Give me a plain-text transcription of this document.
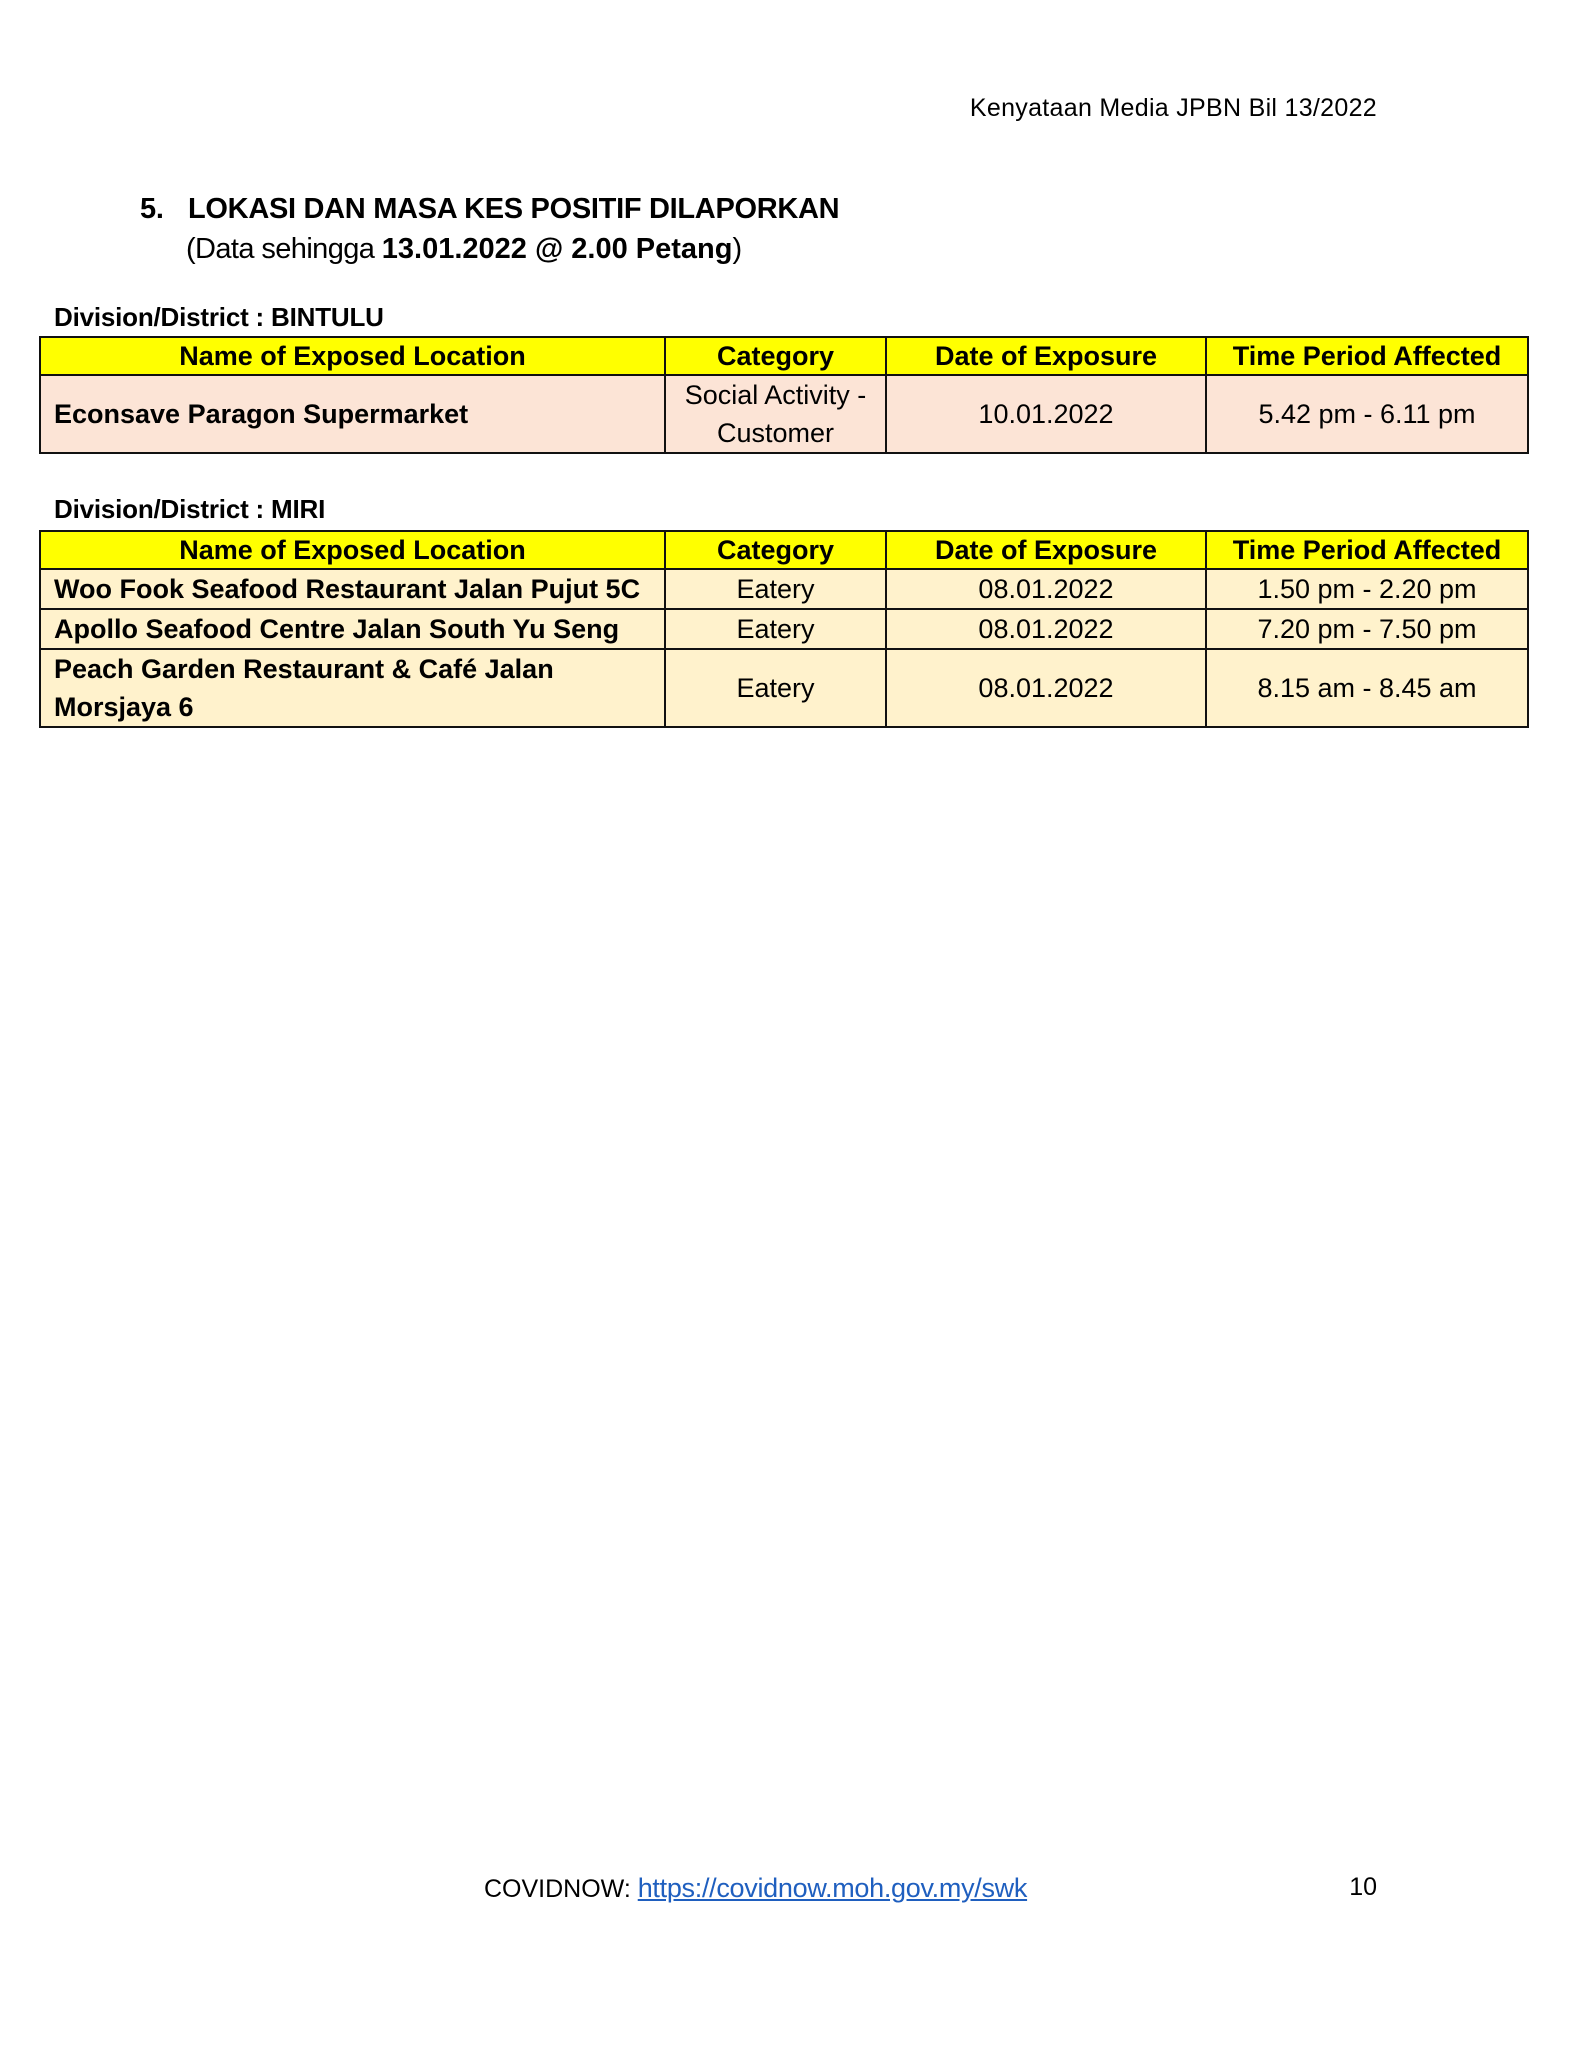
Kenyataan Media JPBN Bil 13/2022
5. LOKASI DAN MASA KES POSITIF DILAPORKAN
(Data sehingga 13.01.2022 @ 2.00 Petang)
Division/District : BINTULU
Name of Exposed Location	Category	Date of Exposure	Time Period Affected
Econsave Paragon Supermarket	Social Activity - Customer	10.01.2022	5.42 pm - 6.11 pm
Division/District : MIRI
Name of Exposed Location	Category	Date of Exposure	Time Period Affected
Woo Fook Seafood Restaurant Jalan Pujut 5C	Eatery	08.01.2022	1.50 pm - 2.20 pm
Apollo Seafood Centre Jalan South Yu Seng	Eatery	08.01.2022	7.20 pm - 7.50 pm
Peach Garden Restaurant & Café Jalan Morsjaya 6	Eatery	08.01.2022	8.15 am - 8.45 am
COVIDNOW: https://covidnow.moh.gov.my/swk	10
